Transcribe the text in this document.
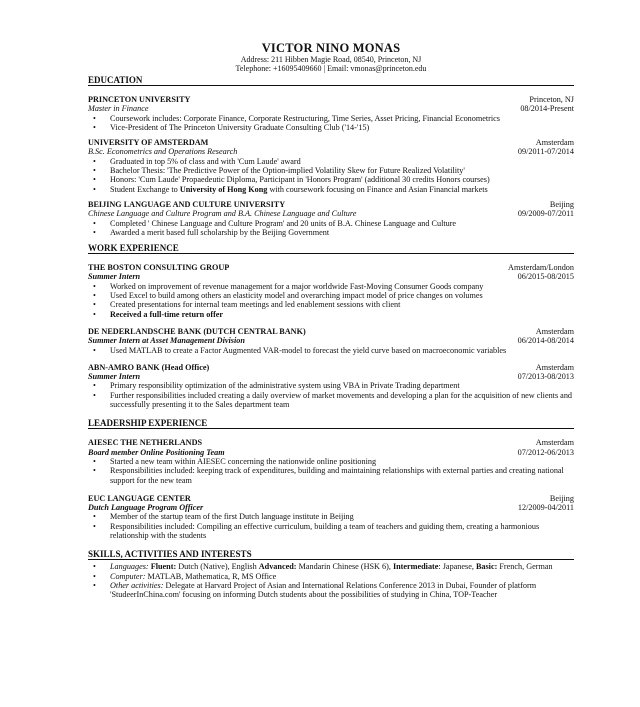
VICTOR NINO MONAS
Address: 211 Hibben Magie Road, 08540, Princeton, NJ
Telephone: +16095409660 | Email: vmonas@princeton.edu
EDUCATION
PRINCETON UNIVERSITY	Princeton, NJ
Master in Finance	08/2014-Present
• Coursework includes: Corporate Finance, Corporate Restructuring, Time Series, Asset Pricing, Financial Econometrics
• Vice-President of The Princeton University Graduate Consulting Club ('14-'15)
UNIVERSITY OF AMSTERDAM	Amsterdam
B.Sc. Econometrics and Operations Research	09/2011-07/2014
• Graduated in top 5% of class and with 'Cum Laude' award
• Bachelor Thesis: 'The Predictive Power of the Option-implied Volatility Skew for Future Realized Volatility'
• Honors: 'Cum Laude' Propaedeutic Diploma, Participant in 'Honors Program' (additional 30 credits Honors courses)
• Student Exchange to University of Hong Kong with coursework focusing on Finance and Asian Financial markets
BEIJING LANGUAGE AND CULTURE UNIVERSITY	Beijing
Chinese Language and Culture Program and B.A. Chinese Language and Culture	09/2009-07/2011
• Completed ' Chinese Language and Culture Program' and 20 units of B.A. Chinese Language and Culture
• Awarded a merit based full scholarship by the Beijing Government
WORK EXPERIENCE
THE BOSTON CONSULTING GROUP	Amsterdam/London
Summer Intern	06/2015-08/2015
• Worked on improvement of revenue management for a major worldwide Fast-Moving Consumer Goods company
• Used Excel to build among others an elasticity model and overarching impact model of price changes on volumes
• Created presentations for internal team meetings and led enablement sessions with client
• Received a full-time return offer
DE NEDERLANDSCHE BANK (DUTCH CENTRAL BANK)	Amsterdam
Summer Intern at Asset Management Division	06/2014-08/2014
• Used MATLAB to create a Factor Augmented VAR-model to forecast the yield curve based on macroeconomic variables
ABN-AMRO BANK (Head Office)	Amsterdam
Summer Intern	07/2013-08/2013
• Primary responsibility optimization of the administrative system using VBA in Private Trading department
• Further responsibilities included creating a daily overview of market movements and developing a plan for the acquisition of new clients and successfully presenting it to the Sales department team
LEADERSHIP EXPERIENCE
AIESEC THE NETHERLANDS	Amsterdam
Board member Online Positioning Team	07/2012-06/2013
• Started a new team within AIESEC concerning the nationwide online positioning
• Responsibilities included: keeping track of expenditures, building and maintaining relationships with external parties and creating national support for the new team
EUC LANGUAGE CENTER	Beijing
Dutch Language Program Officer	12/2009-04/2011
• Member of the startup team of the first Dutch language institute in Beijing
• Responsibilities included: Compiling an effective curriculum, building a team of teachers and guiding them, creating a harmonious relationship with the students
SKILLS, ACTIVITIES AND INTERESTS
• Languages: Fluent: Dutch (Native), English Advanced: Mandarin Chinese (HSK 6), Intermediate: Japanese, Basic: French, German
• Computer: MATLAB, Mathematica, R, MS Office
• Other activities: Delegate at Harvard Project of Asian and International Relations Conference 2013 in Dubai, Founder of platform 'StudeerInChina.com' focusing on informing Dutch students about the possibilities of studying in China, TOP-Teacher
